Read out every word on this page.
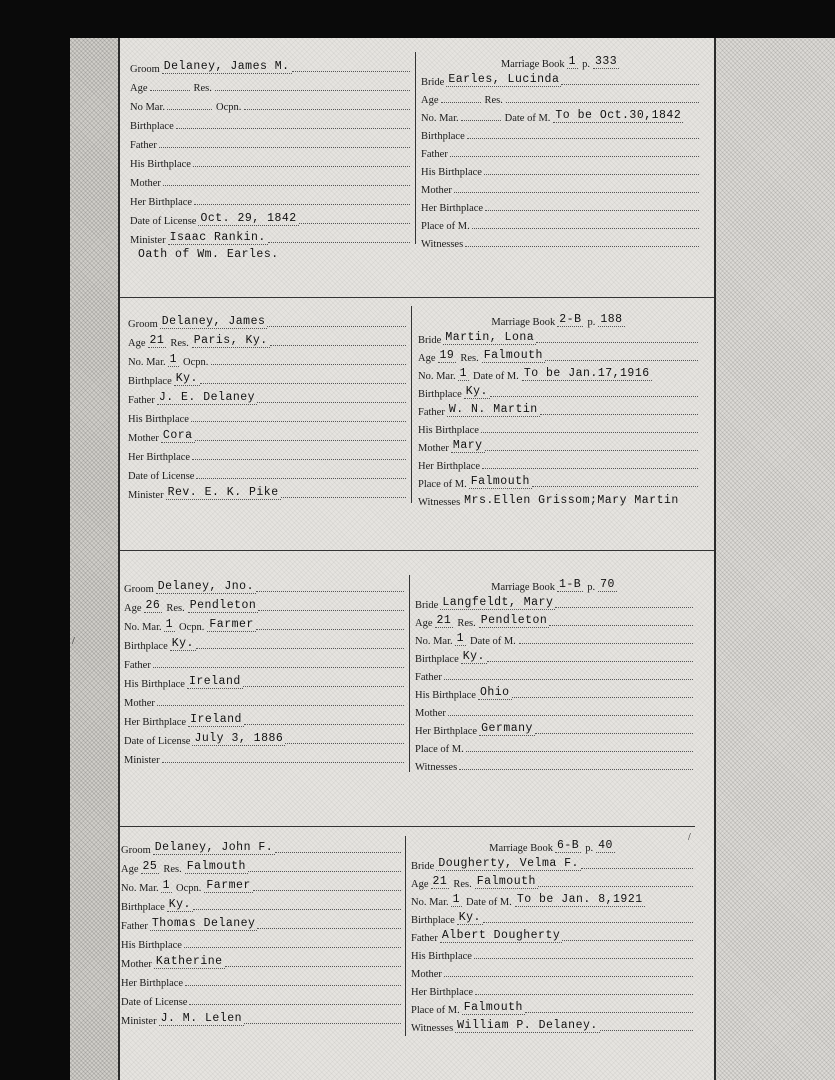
/
/
Groom Delaney, James M.
Age	Res.
No Mar.	Ocpn.
Birthplace
Father
His Birthplace
Mother
Her Birthplace
Date of License Oct. 29, 1842
Minister Isaac Rankin.
Marriage Book 1 p. 333
Bride Earles, Lucinda
Age	Res.
No. Mar.	Date of M. To be Oct.30,1842
Birthplace
Father
His Birthplace
Mother
Her Birthplace
Place of M.
Witnesses
Oath of Wm. Earles.
Groom Delaney, James
Age 21 Res. Paris, Ky.
No. Mar. 1 Ocpn.
Birthplace Ky.
Father J. E. Delaney
His Birthplace
Mother Cora
Her Birthplace
Date of License
Minister Rev. E. K. Pike
Marriage Book 2-B p. 188
Bride Martin, Lona
Age 19 Res. Falmouth
No. Mar. 1 Date of M. To be Jan.17,1916
Birthplace Ky.
Father W. N. Martin
His Birthplace
Mother Mary
Her Birthplace
Place of M. Falmouth
Witnesses Mrs.Ellen Grissom;Mary Martin
Groom Delaney, Jno.
Age 26 Res. Pendleton
No. Mar. 1 Ocpn. Farmer
Birthplace Ky.
Father
His Birthplace Ireland
Mother
Her Birthplace Ireland
Date of License July 3, 1886
Minister
Marriage Book 1-B p. 70
Bride Langfeldt, Mary
Age 21 Res. Pendleton
No. Mar. 1 Date of M.
Birthplace Ky.
Father
His Birthplace Ohio
Mother
Her Birthplace Germany
Place of M.
Witnesses
Groom Delaney, John F.
Age 25 Res. Falmouth
No. Mar. 1 Ocpn. Farmer
Birthplace Ky.
Father Thomas Delaney
His Birthplace
Mother Katherine
Her Birthplace
Date of License
Minister J. M. Lelen
Marriage Book 6-B p. 40
Bride Dougherty, Velma F.
Age 21 Res. Falmouth
No. Mar. 1 Date of M. To be Jan. 8,1921
Birthplace Ky.
Father Albert Dougherty
His Birthplace
Mother
Her Birthplace
Place of M. Falmouth
Witnesses William P. Delaney.
